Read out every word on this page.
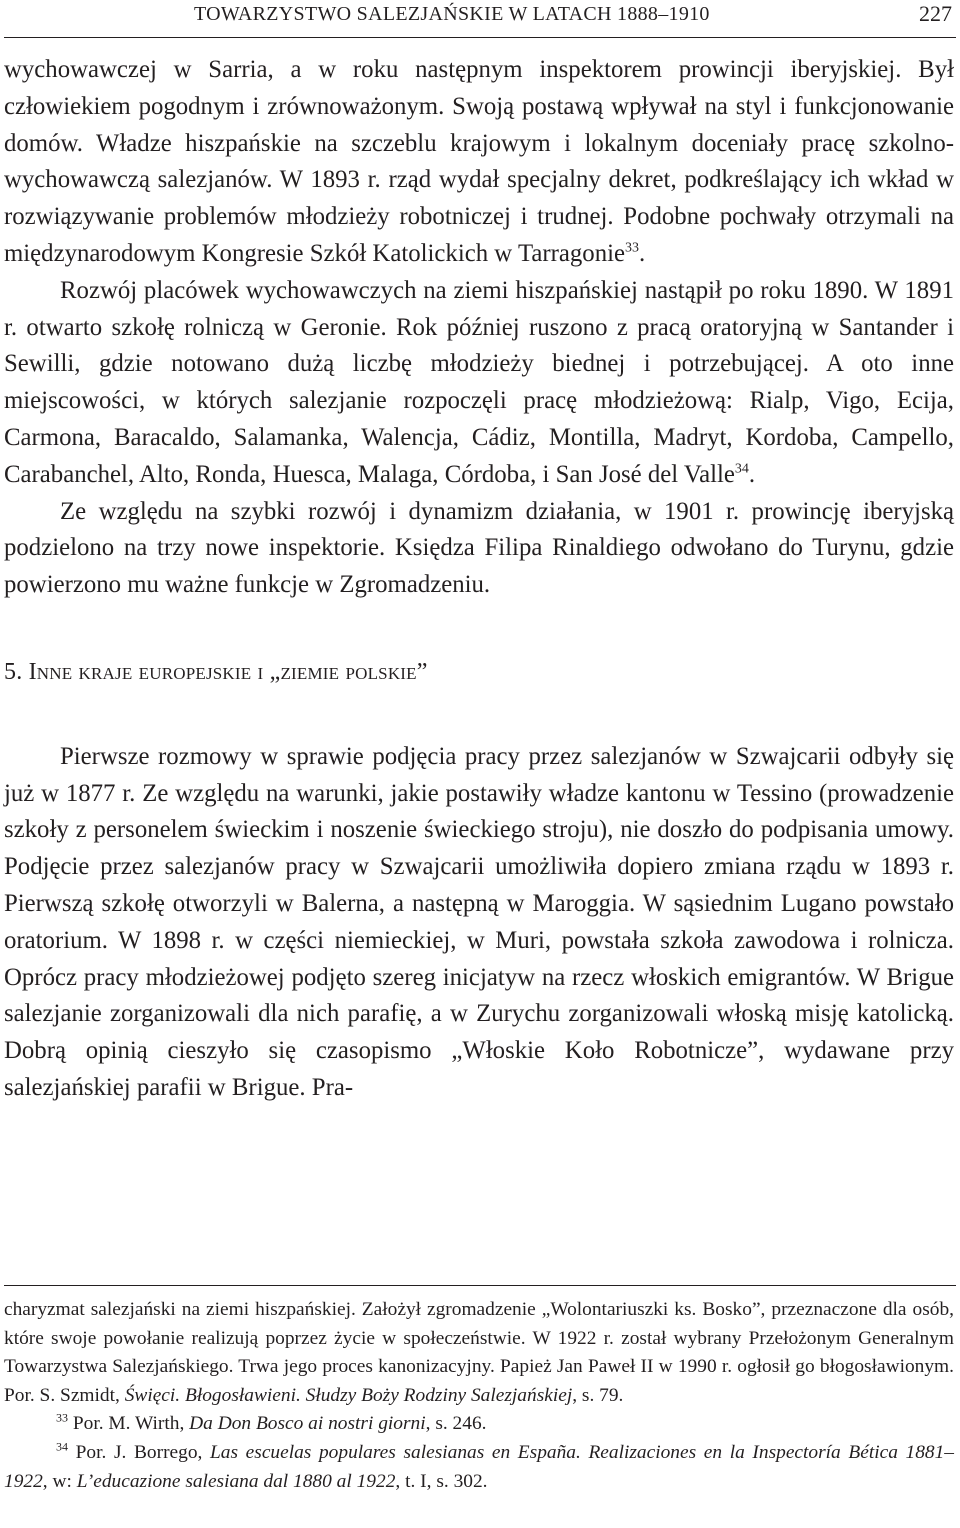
TOWARZYSTWO SALEZJAŃSKIE W LATACH 1888–1910	227

wychowawczej w Sarria, a w roku następnym inspektorem prowincji iberyjskiej. Był człowiekiem pogodnym i zrównoważonym. Swoją postawą wpływał na styl i funkcjonowanie domów. Władze hiszpańskie na szczeblu krajowym i lokalnym doceniały pracę szkolno-wychowawczą salezjanów. W 1893 r. rząd wydał specjalny dekret, podkreślający ich wkład w rozwiązywanie problemów młodzieży robotniczej i trudnej. Podobne pochwały otrzymali na międzynarodowym Kongresie Szkół Katolickich w Tarragonie$^{33}$.

Rozwój placówek wychowawczych na ziemi hiszpańskiej nastąpił po roku 1890. W 1891 r. otwarto szkołę rolniczą w Geronie. Rok później ruszono z pracą oratoryjną w Santander i Sewilli, gdzie notowano dużą liczbę młodzieży biednej i potrzebującej. A oto inne miejscowości, w których salezjanie rozpoczęli pracę młodzieżową: Rialp, Vigo, Ecija, Carmona, Baracaldo, Salamanka, Walencja, Cádiz, Montilla, Madryt, Kordoba, Campello, Carabanchel, Alto, Ronda, Huesca, Malaga, Córdoba, i San José del Valle$^{34}$.

Ze względu na szybki rozwój i dynamizm działania, w 1901 r. prowincję iberyjską podzielono na trzy nowe inspektorie. Księdza Filipa Rinaldiego odwołano do Turynu, gdzie powierzono mu ważne funkcje w Zgromadzeniu.

5. Inne kraje europejskie i „ziemie polskie”

Pierwsze rozmowy w sprawie podjęcia pracy przez salezjanów w Szwajcarii odbyły się już w 1877 r. Ze względu na warunki, jakie postawiły władze kantonu w Tessino (prowadzenie szkoły z personelem świeckim i noszenie świeckiego stroju), nie doszło do podpisania umowy. Podjęcie przez salezjanów pracy w Szwajcarii umożliwiła dopiero zmiana rządu w 1893 r. Pierwszą szkołę otworzyli w Balerna, a następną w Maroggia. W sąsiednim Lugano powstało oratorium. W 1898 r. w części niemieckiej, w Muri, powstała szkoła zawodowa i rolnicza. Oprócz pracy młodzieżowej podjęto szereg inicjatyw na rzecz włoskich emigrantów. W Brigue salezjanie zorganizowali dla nich parafię, a w Zurychu zorganizowali włoską misję katolicką. Dobrą opinią cieszyło się czasopismo „Włoskie Koło Robotnicze”, wydawane przy salezjańskiej parafii w Brigue. Pra-

charyzmat salezjański na ziemi hiszpańskiej. Założył zgromadzenie „Wolontariuszki ks. Bosko”, przeznaczone dla osób, które swoje powołanie realizują poprzez życie w społeczeństwie. W 1922 r. został wybrany Przełożonym Generalnym Towarzystwa Salezjańskiego. Trwa jego proces kanonizacyjny. Papież Jan Paweł II w 1990 r. ogłosił go błogosławionym. Por. S. Szmidt, Święci. Błogosławieni. Słudzy Boży Rodziny Salezjańskiej, s. 79.

$^{33}$ Por. M. Wirth, Da Don Bosco ai nostri giorni, s. 246.

$^{34}$ Por. J. Borrego, Las escuelas populares salesianas en España. Realizaciones en la Inspectoría Bética 1881–1922, w: L’educazione salesiana dal 1880 al 1922, t. I, s. 302.
